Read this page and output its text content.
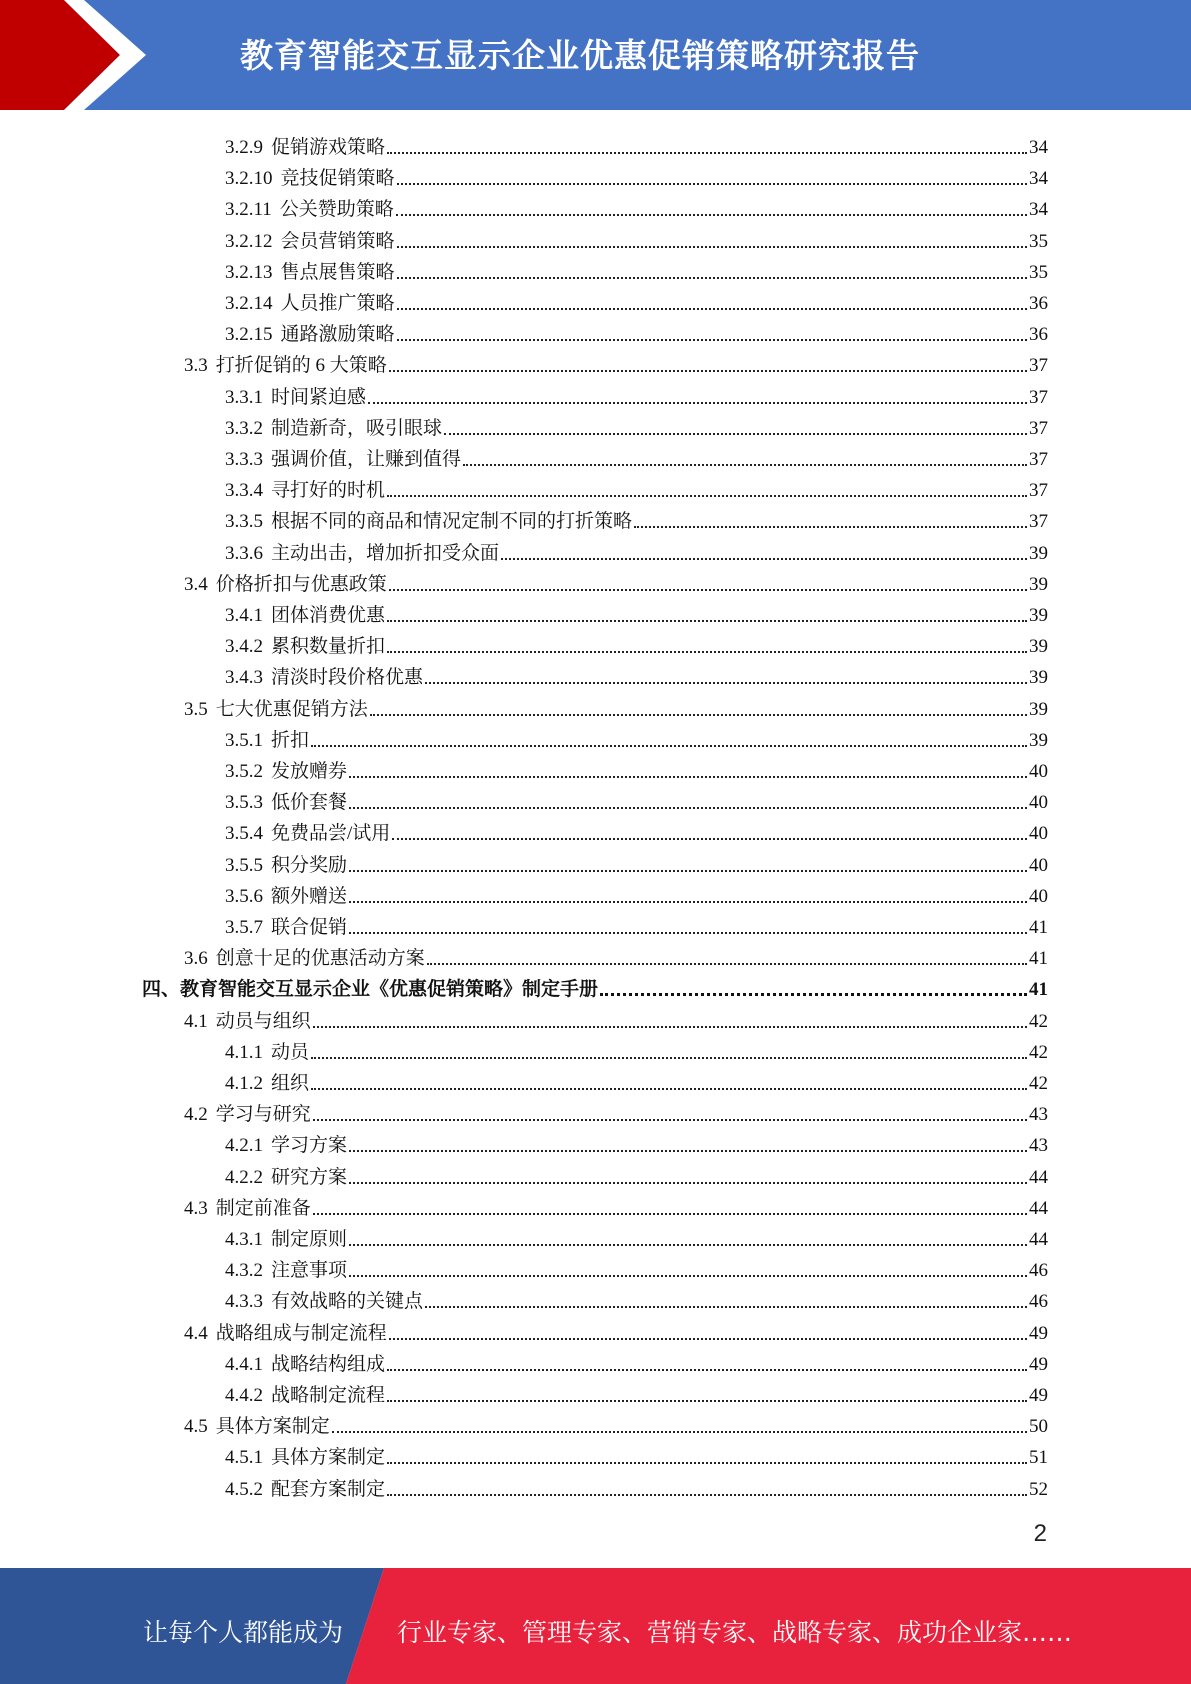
教育智能交互显示企业优惠促销策略研究报告
3.2.9 促销游戏策略	34
3.2.10 竞技促销策略	34
3.2.11 公关赞助策略	34
3.2.12 会员营销策略	35
3.2.13 售点展售策略	35
3.2.14 人员推广策略	36
3.2.15 通路激励策略	36
3.3 打折促销的 6 大策略	37
3.3.1 时间紧迫感	37
3.3.2 制造新奇，吸引眼球	37
3.3.3 强调价值，让赚到值得	37
3.3.4 寻打好的时机	37
3.3.5 根据不同的商品和情况定制不同的打折策略	37
3.3.6 主动出击，增加折扣受众面	39
3.4 价格折扣与优惠政策	39
3.4.1 团体消费优惠	39
3.4.2 累积数量折扣	39
3.4.3 清淡时段价格优惠	39
3.5 七大优惠促销方法	39
3.5.1 折扣	39
3.5.2 发放赠券	40
3.5.3 低价套餐	40
3.5.4 免费品尝/试用	40
3.5.5 积分奖励	40
3.5.6 额外赠送	40
3.5.7 联合促销	41
3.6 创意十足的优惠活动方案	41
四、教育智能交互显示企业《优惠促销策略》制定手册	41
4.1 动员与组织	42
4.1.1 动员	42
4.1.2 组织	42
4.2 学习与研究	43
4.2.1 学习方案	43
4.2.2 研究方案	44
4.3 制定前准备	44
4.3.1 制定原则	44
4.3.2 注意事项	46
4.3.3 有效战略的关键点	46
4.4 战略组成与制定流程	49
4.4.1 战略结构组成	49
4.4.2 战略制定流程	49
4.5 具体方案制定	50
4.5.1 具体方案制定	51
4.5.2 配套方案制定	52
2
让每个人都能成为 行业专家、管理专家、营销专家、战略专家、成功企业家……
